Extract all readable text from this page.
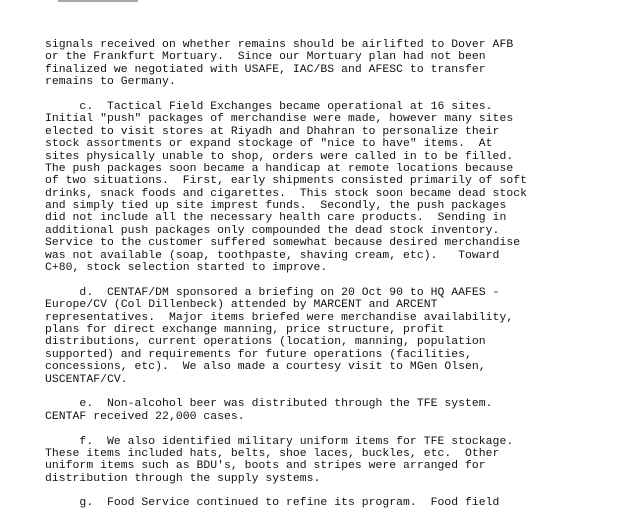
signals received on whether remains should be airlifted to Dover AFB
or the Frankfurt Mortuary.  Since our Mortuary plan had not been
finalized we negotiated with USAFE, IAC/BS and AFESC to transfer
remains to Germany.
c.  Tactical Field Exchanges became operational at 16 sites.
Initial "push" packages of merchandise were made, however many sites
elected to visit stores at Riyadh and Dhahran to personalize their
stock assortments or expand stockage of "nice to have" items.  At
sites physically unable to shop, orders were called in to be filled.
The push packages soon became a handicap at remote locations because
of two situations.  First, early shipments consisted primarily of soft
drinks, snack foods and cigarettes.  This stock soon became dead stock
and simply tied up site imprest funds.  Secondly, the push packages
did not include all the necessary health care products.  Sending in
additional push packages only compounded the dead stock inventory.
Service to the customer suffered somewhat because desired merchandise
was not available (soap, toothpaste, shaving cream, etc).   Toward
C+80, stock selection started to improve.
d.  CENTAF/DM sponsored a briefing on 20 Oct 90 to HQ AAFES -
Europe/CV (Col Dillenbeck) attended by MARCENT and ARCENT
representatives.  Major items briefed were merchandise availability,
plans for direct exchange manning, price structure, profit
distributions, current operations (location, manning, population
supported) and requirements for future operations (facilities,
concessions, etc).  We also made a courtesy visit to MGen Olsen,
USCENTAF/CV.
e.  Non-alcohol beer was distributed through the TFE system.
CENTAF received 22,000 cases.
f.  We also identified military uniform items for TFE stockage.
These items included hats, belts, shoe laces, buckles, etc.  Other
uniform items such as BDU's, boots and stripes were arranged for
distribution through the supply systems.
g.  Food Service continued to refine its program.  Food field
